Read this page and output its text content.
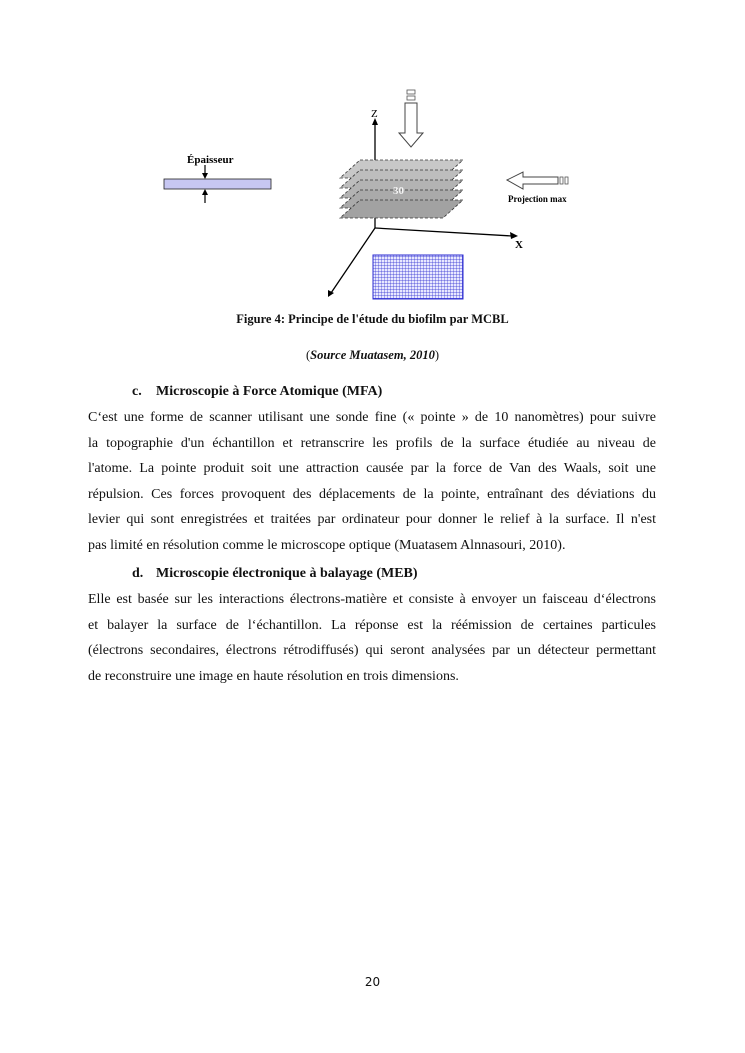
Épaisseur
Z
X
30
Projection max
Figure 4: Principe de l'étude du biofilm par MCBL
(Source Muatasem, 2010)
c. Microscopie à Force Atomique (MFA)
C‘est une forme de scanner utilisant une sonde fine (« pointe » de 10 nanomètres) pour suivre
la topographie d'un échantillon et retranscrire les profils de la surface étudiée au niveau de
l'atome. La pointe produit soit une attraction causée par la force de Van des Waals, soit une
répulsion. Ces forces provoquent des déplacements de la pointe, entraînant des déviations du
levier qui sont enregistrées et traitées par ordinateur pour donner le relief à la surface. Il n'est
pas limité en résolution comme le microscope optique (Muatasem Alnnasouri, 2010).
d. Microscopie électronique à balayage (MEB)
Elle est basée sur les interactions électrons-matière et consiste à envoyer un faisceau d‘électrons
et balayer la surface de l‘échantillon. La réponse est la réémission de certaines particules
(électrons secondaires, électrons rétrodiffusés) qui seront analysées par un détecteur permettant
de reconstruire une image en haute résolution en trois dimensions.
20
